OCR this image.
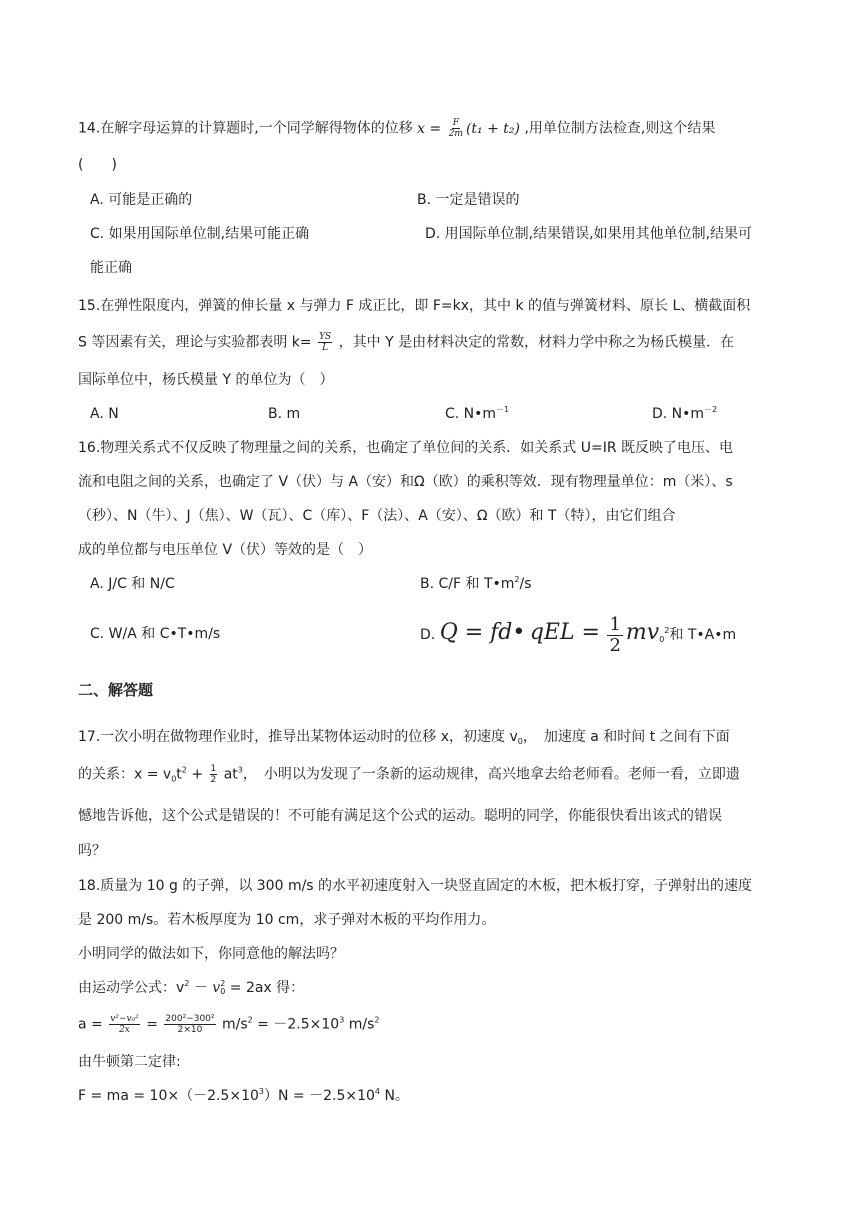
14.在解字母运算的计算题时,一个同学解得物体的位移 $x = \frac{F}{2m} (t_1 + t_2)$ ,用单位制方法检查,则这个结果
(　　)
A. 可能是正确的	B. 一定是错误的
C. 如果用国际单位制,结果可能正确	D. 用国际单位制,结果错误,如果用其他单位制,结果可
能正确
15.在弹性限度内，弹簧的伸长量 x 与弹力 F 成正比，即 F=kx，其中 k 的值与弹簧材料、原长 L、横截面积
S 等因素有关，理论与实验都表明 $k= \frac{YS}{L}$ ，其中 Y 是由材料决定的常数，材料力学中称之为杨氏模量．在
国际单位中，杨氏模量 Y 的单位为（　）
A. N	B. m	C. $N•m^{-1}$	D. $N•m^{-2}$
16.物理关系式不仅反映了物理量之间的关系，也确定了单位间的关系．如关系式 U=IR 既反映了电压、电
流和电阻之间的关系，也确定了 V（伏）与 A（安）和Ω（欧）的乘积等效．现有物理量单位：m（米）、s
（秒）、N（牛）、J（焦）、W（瓦）、C（库）、F（法）、A（安）、Ω（欧）和 T（特），由它们组合
成的单位都与电压单位 V（伏）等效的是（　）
A. J/C 和 N/C	B. C/F 和 $T•m^2/s$
C. W/A 和 C•T•m/s	D. Q = fd• qEL = $\frac{1}{2} mv_0^2$和 T•A•m
二、解答题
17.一次小明在做物理作业时，推导出某物体运动时的位移 x，初速度 $v_0$，　加速度 a 和时间 t 之间有下面
的关系：$x = v_0t^2 + \frac{1}{2} at^3$，　小明以为发现了一条新的运动规律，高兴地拿去给老师看。老师一看，立即遗
憾地告诉他，这个公式是错误的！不可能有满足这个公式的运动。聪明的同学，你能很快看出该式的错误
吗？
18.质量为 10 g 的子弹，以 300 m/s 的水平初速度射入一块竖直固定的木板，把木板打穿，子弹射出的速度
是 200 m/s。若木板厚度为 10 cm，求子弹对木板的平均作用力。
小明同学的做法如下，你同意他的解法吗？
由运动学公式：$v^2 - v$ 2
0 = 2ax 得：
$a = \frac{\text{v²−v₀²}}{2x} = \frac{\text{200²−300²}}{2\times 10} m/s^2 = -2.5\times 10^3$ $m/s^2$
由牛顿第二定律:
F = ma = $10\times(-2.5\times 10^3)N = -2.5\times 10^4$ N。
